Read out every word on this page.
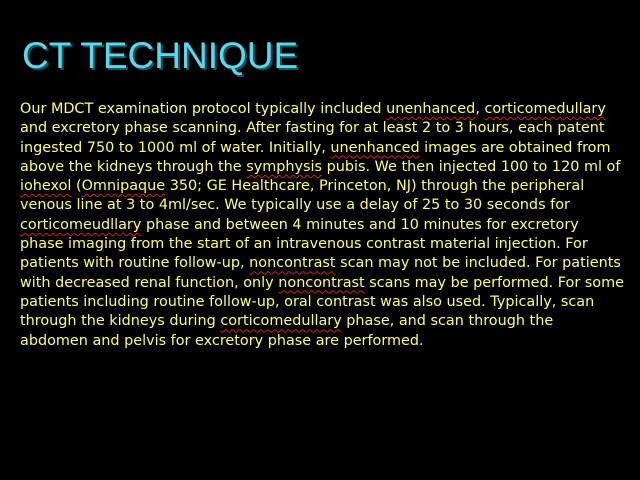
CT TECHNIQUE

Our MDCT examination protocol typically included unenhanced, corticomedullary and excretory phase scanning. After fasting for at least 2 to 3 hours, each patent ingested 750 to 1000 ml of water. Initially, unenhanced images are obtained from above the kidneys through the symphysis pubis. We then injected 100 to 120 ml of iohexol (Omnipaque 350; GE Healthcare, Princeton, NJ) through the peripheral venous line at 3 to 4ml/sec. We typically use a delay of 25 to 30 seconds for corticomeudllary phase and between 4 minutes and 10 minutes for excretory phase imaging from the start of an intravenous contrast material injection. For patients with routine follow-up, noncontrast scan may not be included. For patients with decreased renal function, only noncontrast scans may be performed. For some patients including routine follow-up, oral contrast was also used. Typically, scan through the kidneys during corticomedullary phase, and scan through the abdomen and pelvis for excretory phase are performed.
